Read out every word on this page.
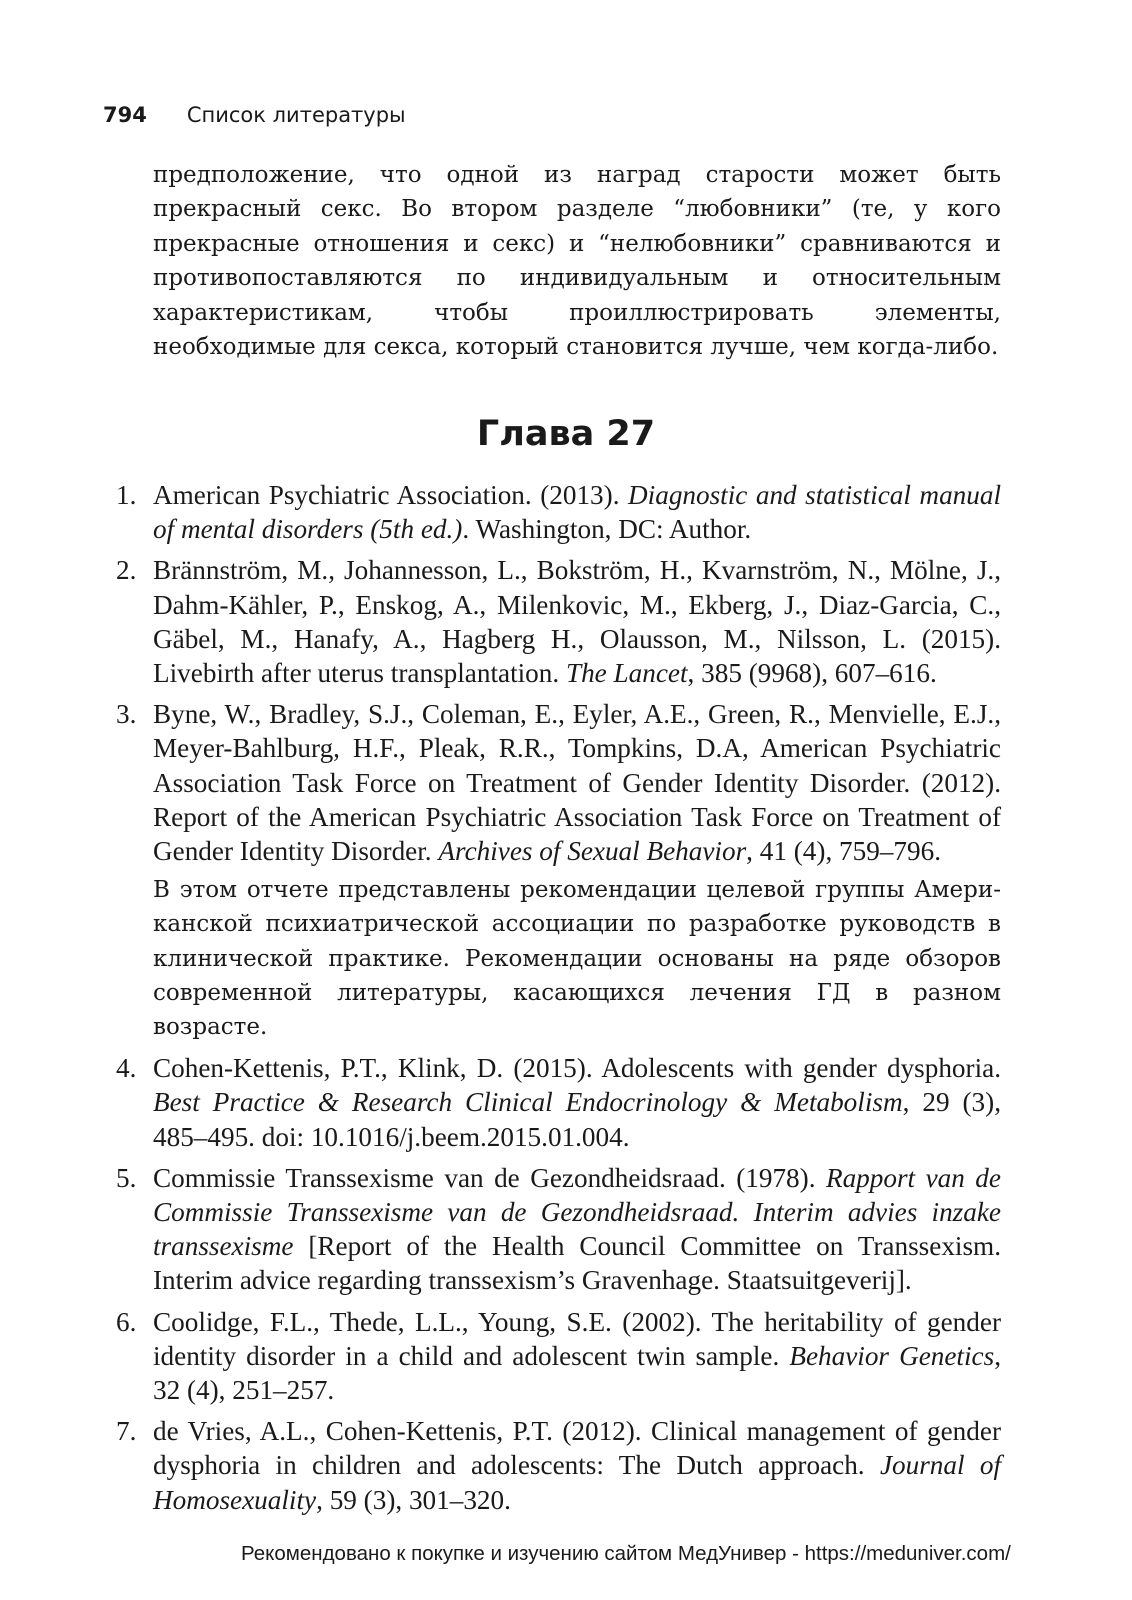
794 Список литературы

предположение, что одной из наград старости может быть прекрасный секс. Во втором разделе “любовники” (те, у кого прекрасные отношения и секс) и “нелюбовники” сравниваются и противопоставляются по индивидуальным и относительным характеристикам, чтобы проиллюстрировать элементы, необходимые для секса, который становится лучше, чем когда-либо.

Глава 27
1. American Psychiatric Association. (2013). Diagnostic and statistical manual of mental disorders (5th ed.). Washington, DC: Author.
2. Brännström, M., Johannesson, L., Bokström, H., Kvarnström, N., Mölne, J., Dahm-Kähler, P., Enskog, A., Milenkovic, M., Ekberg, J., Diaz-Garcia, C., Gäbel, M., Hanafy, A., Hagberg H., Olausson, M., Nilsson, L. (2015). Livebirth after uterus transplantation. The Lancet, 385 (9968), 607–616.
3. Byne, W., Bradley, S.J., Coleman, E., Eyler, A.E., Green, R., Menvielle, E.J., Meyer-Bahlburg, H.F., Pleak, R.R., Tompkins, D.A, American Psychiatric Association Task Force on Treatment of Gender Identity Disorder. (2012). Report of the American Psychiatric Association Task Force on Treatment of Gender Identity Disorder. Archives of Sexual Behavior, 41 (4), 759–796.
В этом отчете представлены рекомендации целевой группы Американской психиатрической ассоциации по разработке руководств в клинической практике. Рекомендации основаны на ряде обзоров современной литературы, касающихся лечения ГД в разном возрасте.
4. Cohen-Kettenis, P.T., Klink, D. (2015). Adolescents with gender dysphoria. Best Practice & Research Clinical Endocrinology & Metabolism, 29 (3), 485–495. doi: 10.1016/j.beem.2015.01.004.
5. Commissie Transsexisme van de Gezondheidsraad. (1978). Rapport van de Commissie Transsexisme van de Gezondheidsraad. Interim advies inzake transsexisme [Report of the Health Council Committee on Transsexism. Interim advice regarding transsexism’s Gravenhage. Staatsuitgeverij].
6. Coolidge, F.L., Thede, L.L., Young, S.E. (2002). The heritability of gender identity disorder in a child and adolescent twin sample. Behavior Genetics, 32 (4), 251–257.
7. de Vries, A.L., Cohen-Kettenis, P.T. (2012). Clinical management of gender dysphoria in children and adolescents: The Dutch approach. Journal of Homosexuality, 59 (3), 301–320.
Рекомендовано к покупке и изучению сайтом МедУнивер - https://meduniver.com/
